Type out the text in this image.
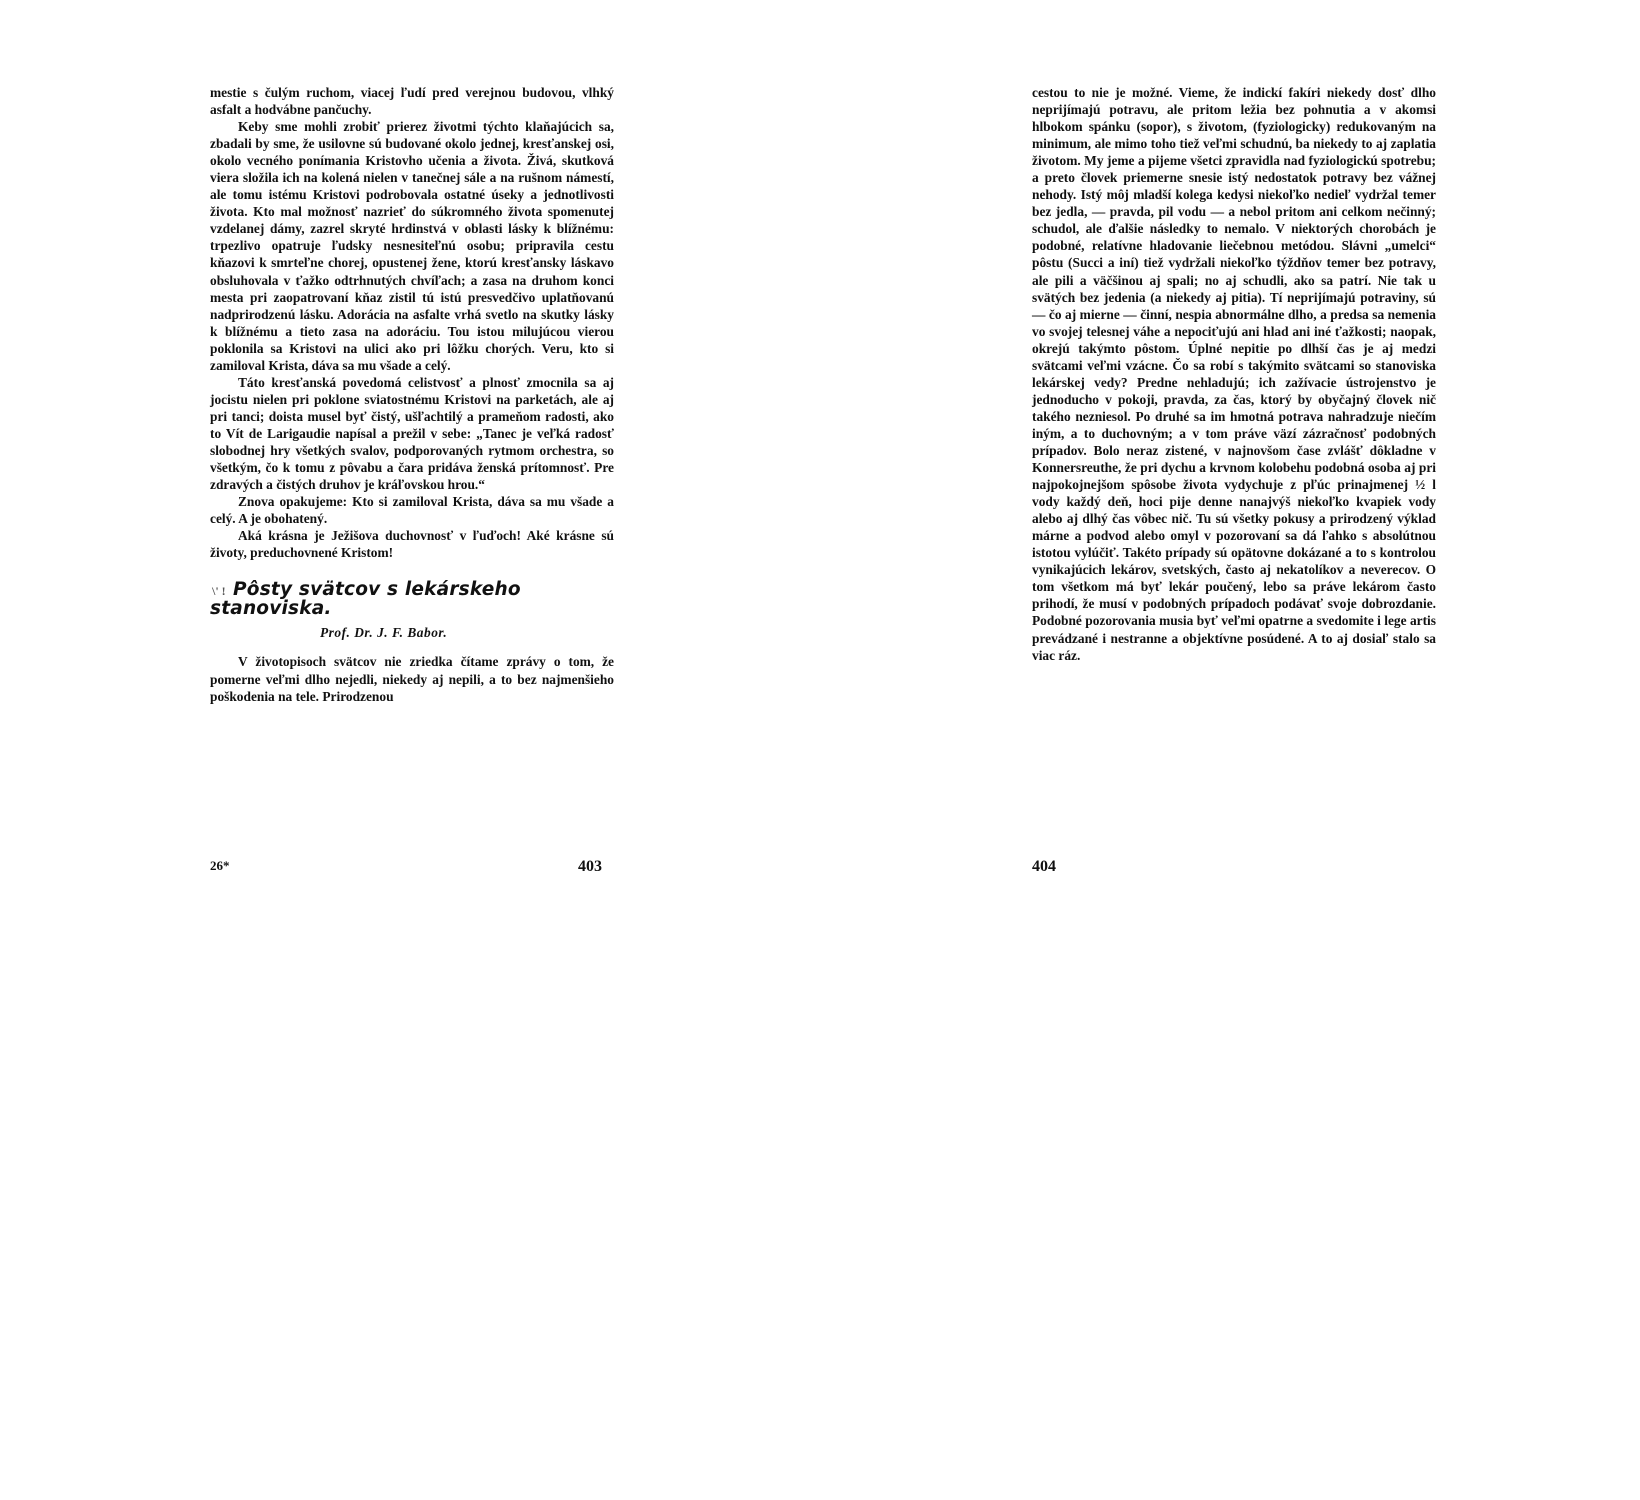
mestie s čulým ruchom, viacej ľudí pred verejnou budovou, vlhký asfalt a hodvábne pančuchy.

Keby sme mohli zrobiť prierez životmi týchto klaňajúcich sa, zbadali by sme, že usilovne sú budované okolo jednej, kresťanskej osi, okolo vecného ponímania Kristovho učenia a života. Živá, skutková viera složila ich na kolená nielen v tanečnej sále a na rušnom námestí, ale tomu istému Kristovi podrobovala ostatné úseky a jednotlivosti života. Kto mal možnosť nazrieť do súkromného života spomenutej vzdelanej dámy, zazrel skryté hrdinstvá v oblasti lásky k blížnému: trpezlivo opatruje ľudsky nesnesiteľnú osobu; pripravila cestu kňazovi k smrteľne chorej, opustenej žene, ktorú kresťansky láskavo obsluhovala v ťažko odtrhnutých chvíľach; a zasa na druhom konci mesta pri zaopatrovaní kňaz zistil tú istú presvedčivo uplatňovanú nadprirodzenú lásku. Adorácia na asfalte vrhá svetlo na skutky lásky k blížnému a tieto zasa na adoráciu. Tou istou milujúcou vierou poklonila sa Kristovi na ulici ako pri lôžku chorých. Veru, kto si zamiloval Krista, dáva sa mu všade a celý.

Táto kresťanská povedomá celistvosť a plnosť zmocnila sa aj jocistu nielen pri poklone sviatostnému Kristovi na parketách, ale aj pri tanci; doista musel byť čistý, ušľachtilý a prameňom radosti, ako to Vít de Larigaudie napísal a prežil v sebe: „Tanec je veľká radosť slobodnej hry všetkých svalov, podporovaných rytmom orchestra, so všetkým, čo k tomu z pôvabu a čara pridáva ženská prítomnosť. Pre zdravých a čistých druhov je kráľovskou hrou.“

Znova opakujeme: Kto si zamiloval Krista, dáva sa mu všade a celý. A je obohatený.

Aká krásna je Ježišova duchovnosť v ľuďoch! Aké krásne sú životy, preduchovnené Kristom!

\' ! Pôsty svätcov s lekárskeho stanoviska.
Prof. Dr. J. F. Babor.

V životopisoch svätcov nie zriedka čítame zprávy o tom, že pomerne veľmi dlho nejedli, niekedy aj nepili, a to bez najmenšieho poškodenia na tele. Prirodzenou

cestou to nie je možné. Vieme, že indickí fakíri niekedy dosť dlho neprijímajú potravu, ale pritom ležia bez pohnutia a v akomsi hlbokom spánku (sopor), s životom, (fyziologicky) redukovaným na minimum, ale mimo toho tiež veľmi schudnú, ba niekedy to aj zaplatia životom. My jeme a pijeme všetci zpravidla nad fyziologickú spotrebu; a preto človek priemerne snesie istý nedostatok potravy bez vážnej nehody. Istý môj mladší kolega kedysi niekoľko nedieľ vydržal temer bez jedla, — pravda, pil vodu — a nebol pritom ani celkom nečinný; schudol, ale ďalšie následky to nemalo. V niektorých chorobách je podobné, relatívne hladovanie liečebnou metódou. Slávni „umelci“ pôstu (Succi a iní) tiež vydržali niekoľko týždňov temer bez potravy, ale pili a väčšinou aj spali; no aj schudli, ako sa patrí. Nie tak u svätých bez jedenia (a niekedy aj pitia). Tí neprijímajú potraviny, sú — čo aj mierne — činní, nespia abnormálne dlho, a predsa sa nemenia vo svojej telesnej váhe a nepociťujú ani hlad ani iné ťažkosti; naopak, okrejú takýmto pôstom. Úplné nepitie po dlhší čas je aj medzi svätcami veľmi vzácne. Čo sa robí s takýmito svätcami so stanoviska lekárskej vedy? Predne nehladujú; ich zažívacie ústrojenstvo je jednoducho v pokoji, pravda, za čas, ktorý by obyčajný človek nič takého nezniesol. Po druhé sa im hmotná potrava nahradzuje niečím iným, a to duchovným; a v tom práve väzí zázračnosť podobných prípadov. Bolo neraz zistené, v najnovšom čase zvlášť dôkladne v Konnersreuthe, že pri dychu a krvnom kolobehu podobná osoba aj pri najpokojnejšom spôsobe života vydychuje z pľúc prinajmenej ½ l vody každý deň, hoci pije denne nanajvýš niekoľko kvapiek vody alebo aj dlhý čas vôbec nič. Tu sú všetky pokusy a prirodzený výklad márne a podvod alebo omyl v pozorovaní sa dá ľahko s absolútnou istotou vylúčiť. Takéto prípady sú opätovne dokázané a to s kontrolou vynikajúcich lekárov, svetských, často aj nekatolíkov a neverecov. O tom všetkom má byť lekár poučený, lebo sa práve lekárom často prihodí, že musí v podobných prípadoch podávať svoje dobrozdanie. Podobné pozorovania musia byť veľmi opatrne a svedomite i lege artis prevádzané i nestranne a objektívne posúdené. A to aj dosiaľ stalo sa viac ráz.

26*	403	404
